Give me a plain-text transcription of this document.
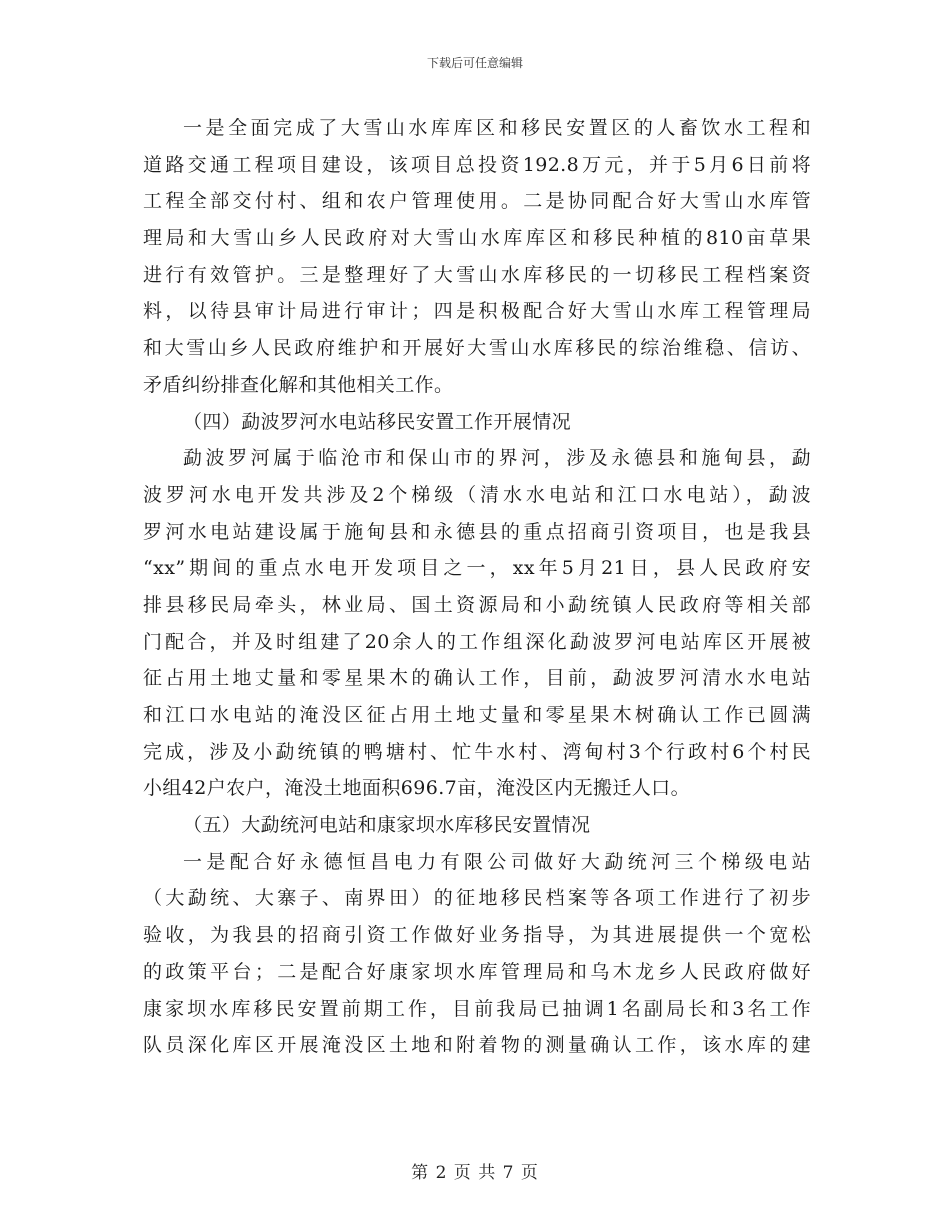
下载后可任意编辑
一是全面完成了大雪山水库库区和移民安置区的人畜饮水工程和
道路交通工程项目建设，该项目总投资192.8万元，并于5月6日前将
工程全部交付村、组和农户管理使用。二是协同配合好大雪山水库管
理局和大雪山乡人民政府对大雪山水库库区和移民种植的810亩草果
进行有效管护。三是整理好了大雪山水库移民的一切移民工程档案资
料，以待县审计局进行审计；四是积极配合好大雪山水库工程管理局
和大雪山乡人民政府维护和开展好大雪山水库移民的综治维稳、信访、
矛盾纠纷排查化解和其他相关工作。
（四）勐波罗河水电站移民安置工作开展情况
勐波罗河属于临沧市和保山市的界河，涉及永德县和施甸县，勐
波罗河水电开发共涉及2个梯级（清水水电站和江口水电站），勐波
罗河水电站建设属于施甸县和永德县的重点招商引资项目，也是我县
“xx”期间的重点水电开发项目之一，xx年5月21日，县人民政府安
排县移民局牵头，林业局、国土资源局和小勐统镇人民政府等相关部
门配合，并及时组建了20余人的工作组深化勐波罗河电站库区开展被
征占用土地丈量和零星果木的确认工作，目前，勐波罗河清水水电站
和江口水电站的淹没区征占用土地丈量和零星果木树确认工作已圆满
完成，涉及小勐统镇的鸭塘村、忙牛水村、湾甸村3个行政村6个村民
小组42户农户，淹没土地面积696.7亩，淹没区内无搬迁人口。
（五）大勐统河电站和康家坝水库移民安置情况
一是配合好永德恒昌电力有限公司做好大勐统河三个梯级电站
（大勐统、大寨子、南界田）的征地移民档案等各项工作进行了初步
验收，为我县的招商引资工作做好业务指导，为其进展提供一个宽松
的政策平台；二是配合好康家坝水库管理局和乌木龙乡人民政府做好
康家坝水库移民安置前期工作，目前我局已抽调1名副局长和3名工作
队员深化库区开展淹没区土地和附着物的测量确认工作，该水库的建
第 2 页 共 7 页
